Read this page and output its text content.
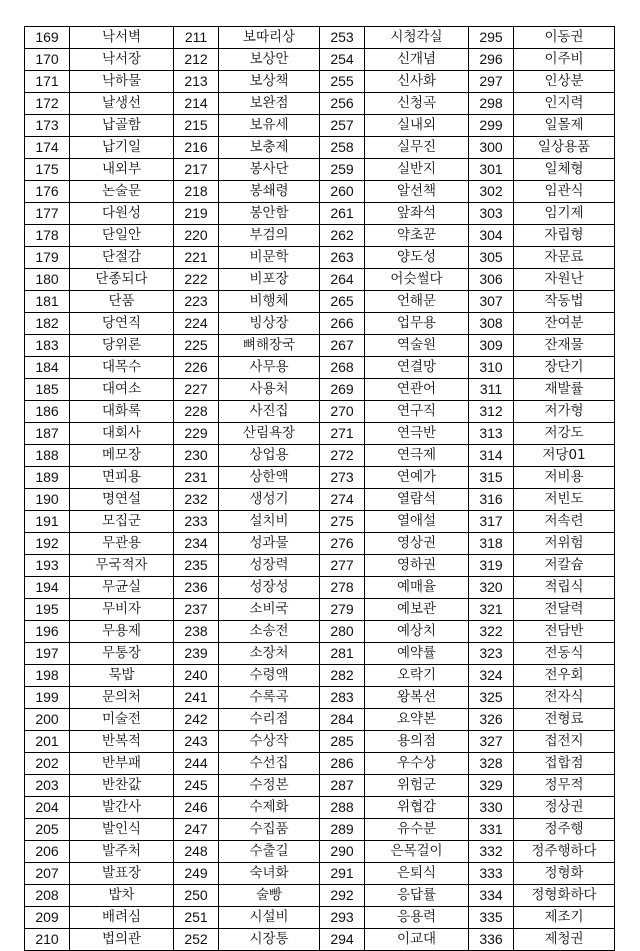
169	낙서벽	211	보따리상	253	시청각실	295	이동권
170	낙서장	212	보상안	254	신개념	296	이주비
171	낙하물	213	보상책	255	신사화	297	인상분
172	날생선	214	보완점	256	신청곡	298	인지력
173	납골함	215	보유세	257	실내외	299	일몰제
174	납기일	216	보충제	258	실무진	300	일상용품
175	내외부	217	봉사단	259	실반지	301	일체형
176	논술문	218	봉쇄령	260	알선책	302	임관식
177	다원성	219	봉안함	261	앞좌석	303	임기제
178	단일안	220	부검의	262	약초꾼	304	자립형
179	단절감	221	비문학	263	양도성	305	자문료
180	단종되다	222	비포장	264	어슷썰다	306	자원난
181	단품	223	비행체	265	언해문	307	작동법
182	당연직	224	빙상장	266	업무용	308	잔여분
183	당위론	225	뼈해장국	267	역술원	309	잔재물
184	대목수	226	사무용	268	연결망	310	장단기
185	대여소	227	사용처	269	연관어	311	재발률
186	대화록	228	사진집	270	연구직	312	저가형
187	대회사	229	산림욕장	271	연극반	313	저강도
188	메모장	230	상업용	272	연극제	314	저당01
189	면피용	231	상한액	273	연예가	315	저비용
190	명연설	232	생성기	274	열람석	316	저빈도
191	모집군	233	설치비	275	열애설	317	저속련
192	무관용	234	성과물	276	영상권	318	저위험
193	무국적자	235	성장력	277	영하권	319	저칼슘
194	무균실	236	성장성	278	예매율	320	적립식
195	무비자	237	소비국	279	예보관	321	전달력
196	무용제	238	소송전	280	예상치	322	전담반
197	무통장	239	소장처	281	예약률	323	전동식
198	묵밥	240	수령액	282	오락기	324	전우회
199	문의처	241	수록곡	283	왕복선	325	전자식
200	미술전	242	수리점	284	요약본	326	전형료
201	반복적	243	수상작	285	용의점	327	접전지
202	반부패	244	수선집	286	우수상	328	접합점
203	반찬값	245	수정본	287	위험군	329	정무적
204	발간사	246	수제화	288	위협감	330	정상권
205	발인식	247	수집품	289	유수분	331	정주행
206	발주처	248	수출길	290	은목걸이	332	정주행하다
207	발표장	249	숙녀화	291	은퇴식	333	정형화
208	밥차	250	술빵	292	응답률	334	정형화하다
209	배려심	251	시설비	293	응용력	335	제조기
210	법의관	252	시장통	294	이교대	336	제청권
